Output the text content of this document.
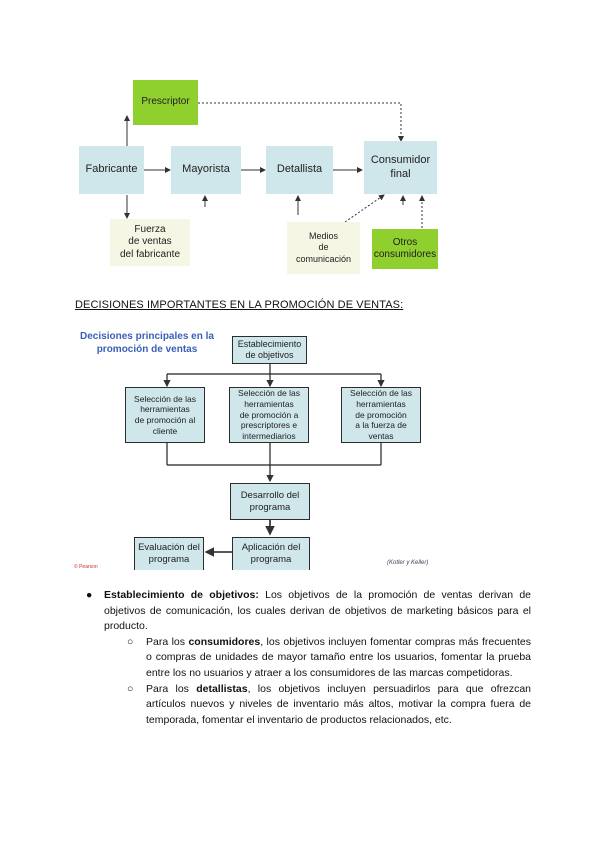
Prescriptor
Fabricante	Mayorista	Detallista
Consumidor
final
Fuerza
de ventas
del fabricante
Medios
de
comunicación
Otros
consumidores
DECISIONES IMPORTANTES EN LA PROMOCIÓN DE VENTAS:
Decisiones principales en la
promoción de ventas
Establecimiento
de objetivos
Selección de las
herramientas
de promoción al
cliente
Selección de las
herramientas
de promoción a
prescriptores e
intermediarios
Selección de las
herramientas
de promoción
a la fuerza de
ventas
Desarrollo del
programa
Aplicación del
programa
Evaluación del
programa	(Kotler y Keller)
© Pearson
● Establecimiento de objetivos: Los objetivos de la promoción de ventas derivan de objetivos de comunicación, los cuales derivan de objetivos de marketing básicos para el producto.
○ Para los consumidores, los objetivos incluyen fomentar compras más frecuentes o compras de unidades de mayor tamaño entre los usuarios, fomentar la prueba entre los no usuarios y atraer a los consumidores de las marcas competidoras.
○ Para los detallistas, los objetivos incluyen persuadirlos para que ofrezcan artículos nuevos y niveles de inventario más altos, motivar la compra fuera de temporada, fomentar el inventario de productos relacionados, etc.
